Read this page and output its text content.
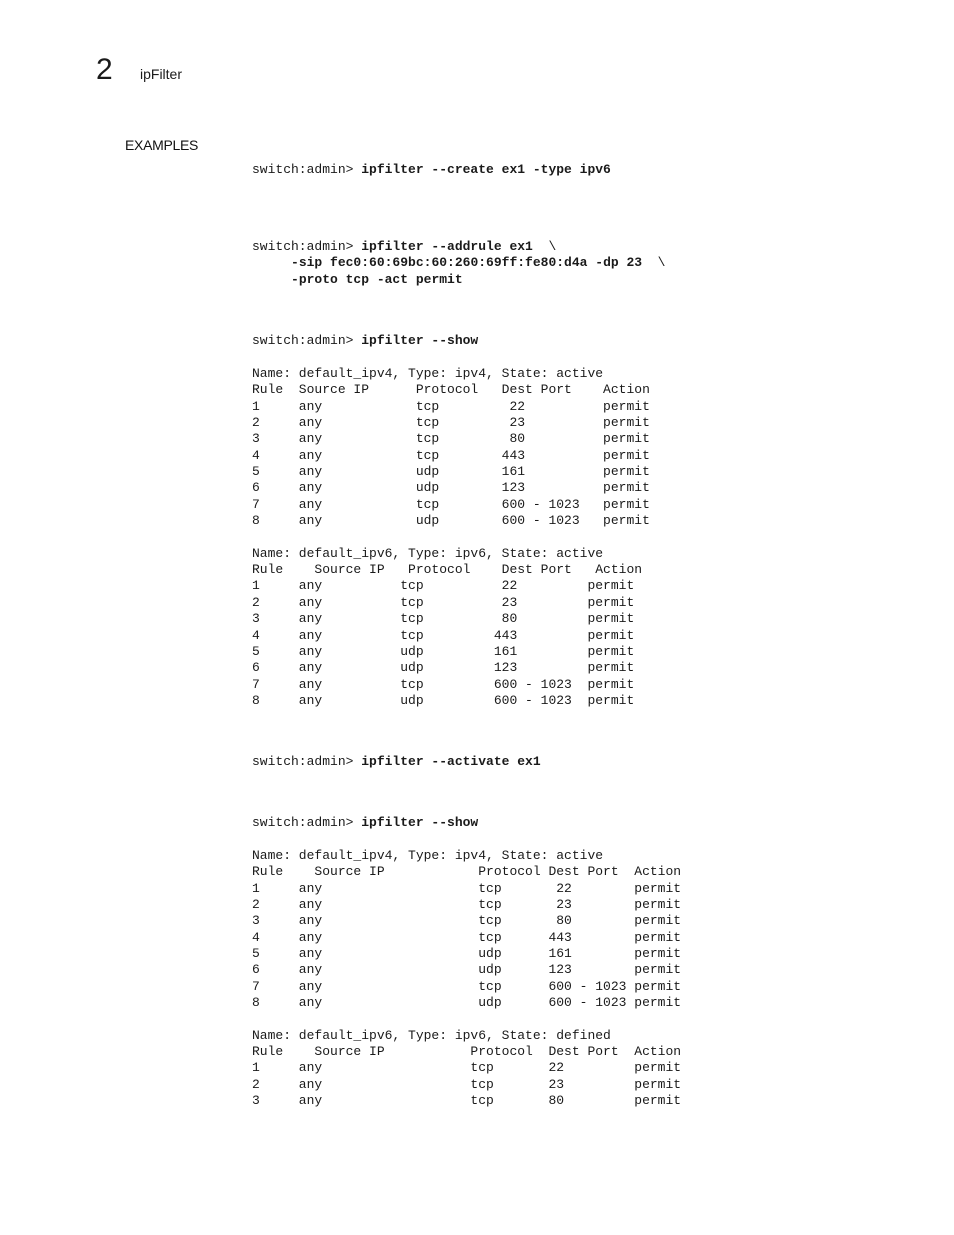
2 ipFilter
EXAMPLES
switch:admin> ipfilter --create ex1 -type ipv6
switch:admin> ipfilter --addrule ex1  \
-sip fec0:60:69bc:60:260:69ff:fe80:d4a -dp 23  \
-proto tcp -act permit
switch:admin> ipfilter --show
Name: default_ipv4, Type: ipv4, State: active
Rule  Source IP      Protocol   Dest Port    Action
1     any            tcp         22          permit
2     any            tcp         23          permit
3     any            tcp         80          permit
4     any            tcp        443          permit
5     any            udp        161          permit
6     any            udp        123          permit
7     any            tcp        600 - 1023   permit
8     any            udp        600 - 1023   permit

Name: default_ipv6, Type: ipv6, State: active
Rule    Source IP   Protocol    Dest Port   Action
1     any          tcp          22         permit
2     any          tcp          23         permit
3     any          tcp          80         permit
4     any          tcp         443         permit
5     any          udp         161         permit
6     any          udp         123         permit
7     any          tcp         600 - 1023  permit
8     any          udp         600 - 1023  permit
switch:admin> ipfilter --activate ex1
switch:admin> ipfilter --show
Name: default_ipv4, Type: ipv4, State: active
Rule    Source IP            Protocol Dest Port  Action
1     any                    tcp       22        permit
2     any                    tcp       23        permit
3     any                    tcp       80        permit
4     any                    tcp      443        permit
5     any                    udp      161        permit
6     any                    udp      123        permit
7     any                    tcp      600 - 1023 permit
8     any                    udp      600 - 1023 permit

Name: default_ipv6, Type: ipv6, State: defined
Rule    Source IP           Protocol  Dest Port  Action
1     any                   tcp       22         permit
2     any                   tcp       23         permit
3     any                   tcp       80         permit
